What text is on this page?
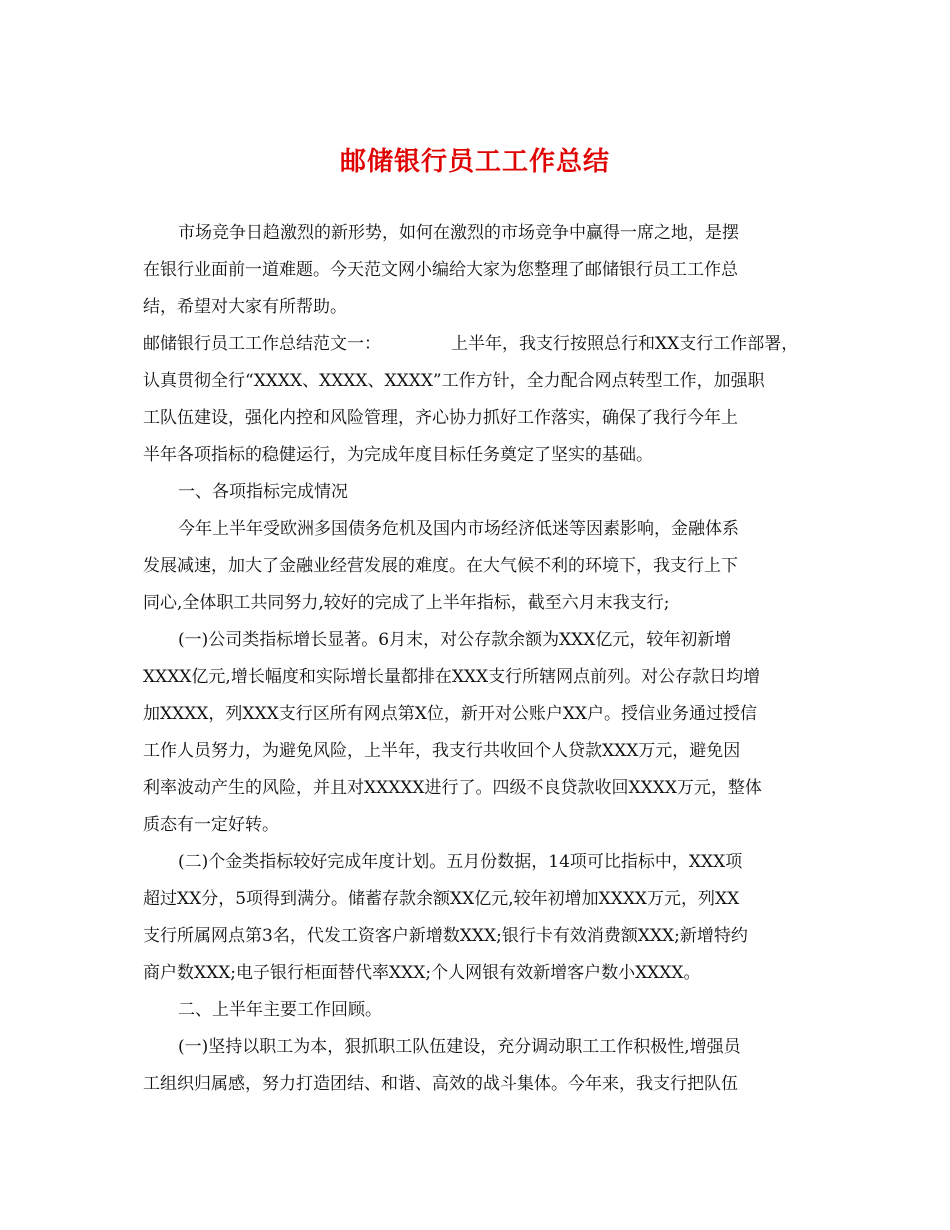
邮储银行员工工作总结

市场竞争日趋激烈的新形势，如何在激烈的市场竞争中赢得一席之地，是摆

在银行业面前一道难题。今天范文网小编给大家为您整理了邮储银行员工工作总

结，希望对大家有所帮助。

邮储银行员工工作总结范文一：	上半年，我支行按照总行和XX支行工作部署，

认真贯彻全行“XXXX、XXXX、XXXX”工作方针，全力配合网点转型工作，加强职

工队伍建设，强化内控和风险管理，齐心协力抓好工作落实，确保了我行今年上

半年各项指标的稳健运行，为完成年度目标任务奠定了坚实的基础。

一、各项指标完成情况

今年上半年受欧洲多国债务危机及国内市场经济低迷等因素影响，金融体系

发展减速，加大了金融业经营发展的难度。在大气候不利的环境下，我支行上下

同心,全体职工共同努力,较好的完成了上半年指标，截至六月末我支行;

(一)公司类指标增长显著。6月末，对公存款余额为XXX亿元，较年初新增

XXXX亿元,增长幅度和实际增长量都排在XXX支行所辖网点前列。对公存款日均增

加XXXX，列XXX支行区所有网点第X位，新开对公账户XX户。授信业务通过授信

工作人员努力，为避免风险，上半年，我支行共收回个人贷款XXX万元，避免因

利率波动产生的风险，并且对XXXXX进行了。四级不良贷款收回XXXX万元，整体

质态有一定好转。

(二)个金类指标较好完成年度计划。五月份数据，14项可比指标中，XXX项

超过XX分，5项得到满分。储蓄存款余额XX亿元,较年初增加XXXX万元，列XX

支行所属网点第3名，代发工资客户新增数XXX;银行卡有效消费额XXX;新增特约

商户数XXX;电子银行柜面替代率XXX;个人网银有效新增客户数小XXXX。

二、上半年主要工作回顾。

(一)坚持以职工为本，狠抓职工队伍建设，充分调动职工工作积极性,增强员

工组织归属感，努力打造团结、和谐、高效的战斗集体。今年来，我支行把队伍
